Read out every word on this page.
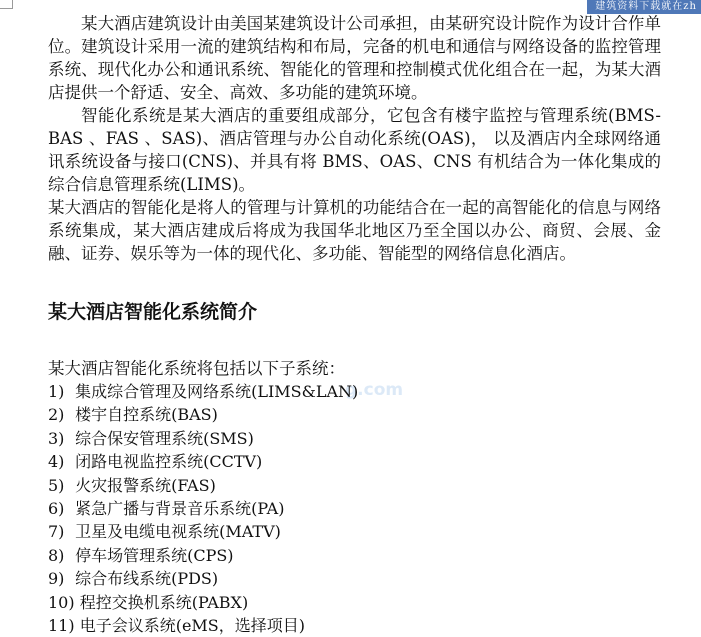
建筑资料下载就在zh
g.com

某大酒店建筑设计由美国某建筑设计公司承担，由某研究设计院作为设计合作单位。建筑设计采用一流的建筑结构和布局，完备的机电和通信与网络设备的监控管理系统、现代化办公和通讯系统、智能化的管理和控制模式优化组合在一起，为某大酒店提供一个舒适、安全、高效、多功能的建筑环境。

智能化系统是某大酒店的重要组成部分，它包含有楼宇监控与管理系统(BMS-BAS 、FAS 、SAS)、酒店管理与办公自动化系统(OAS)， 以及酒店内全球网络通讯系统设备与接口(CNS)、并具有将 BMS、OAS、CNS 有机结合为一体化集成的综合信息管理系统(LIMS)。

某大酒店的智能化是将人的管理与计算机的功能结合在一起的高智能化的信息与网络系统集成，某大酒店建成后将成为我国华北地区乃至全国以办公、商贸、会展、金融、证券、娱乐等为一体的现代化、多功能、智能型的网络信息化酒店。

某大酒店智能化系统简介

某大酒店智能化系统将包括以下子系统：

1) 集成综合管理及网络系统(LIMS&LAN)
2) 楼宇自控系统(BAS)
3) 综合保安管理系统(SMS)
4) 闭路电视监控系统(CCTV)
5) 火灾报警系统(FAS)
6) 紧急广播与背景音乐系统(PA)
7) 卫星及电缆电视系统(MATV)
8) 停车场管理系统(CPS)
9) 综合布线系统(PDS)
10) 程控交换机系统(PABX)
11) 电子会议系统(eMS，选择项目)
